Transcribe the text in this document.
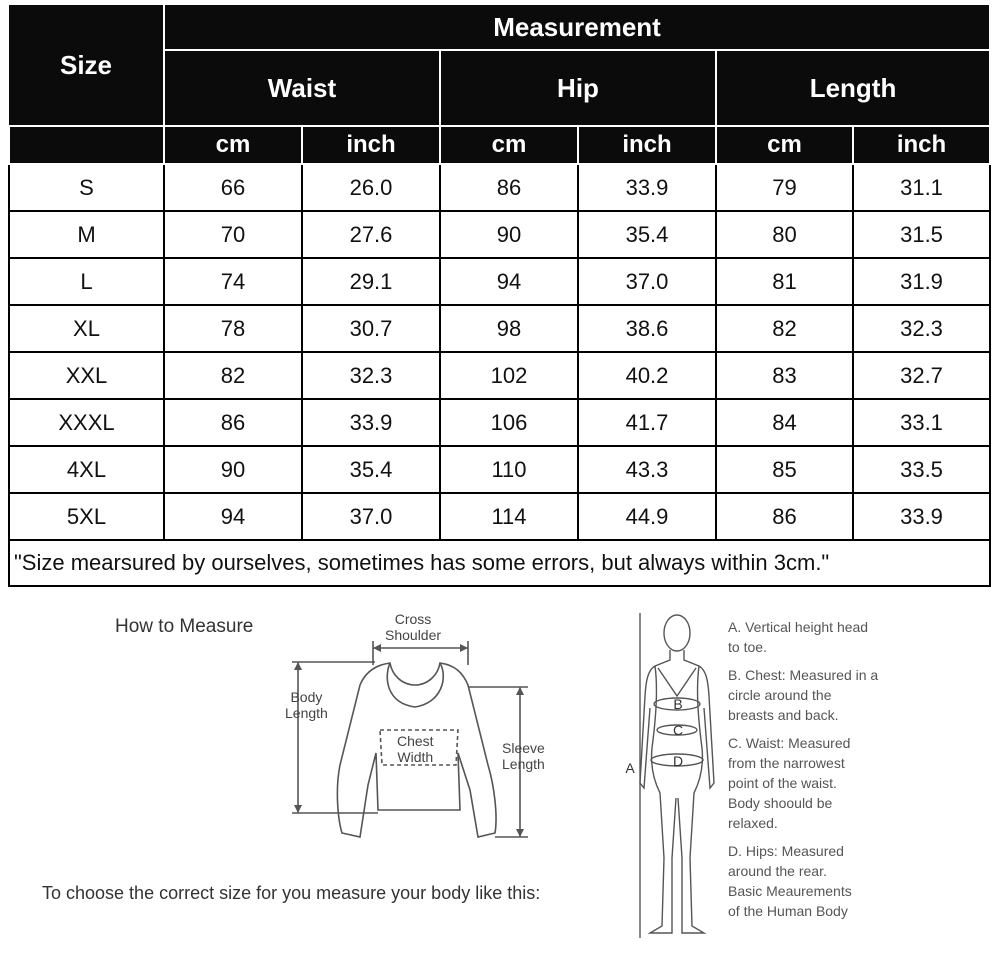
Size	Measurement					
	Waist		Hip		Length	
	cm	inch	cm	inch	cm	inch
S	66	26.0	86	33.9	79	31.1
M	70	27.6	90	35.4	80	31.5
L	74	29.1	94	37.0	81	31.9
XL	78	30.7	98	38.6	82	32.3
XXL	82	32.3	102	40.2	83	32.7
XXXL	86	33.9	106	41.7	84	33.1
4XL	90	35.4	110	43.3	85	33.5
5XL	94	37.0	114	44.9	86	33.9
"Size mearsured by ourselves, sometimes has some errors, but always within 3cm."						
How to Measure
To choose the correct size for you measure your body like this:
Cross
Shoulder
Body
Length
Chest
Width
Sleeve
Length
B
C
D
A
A. Vertical height head
to toe.
B. Chest: Measured in a
circle around the
breasts and back.
C. Waist: Measured
from the narrowest
point of the waist.
Body shoould be
relaxed.
D. Hips: Measured
around the rear.
Basic Meaurements
of the Human Body
